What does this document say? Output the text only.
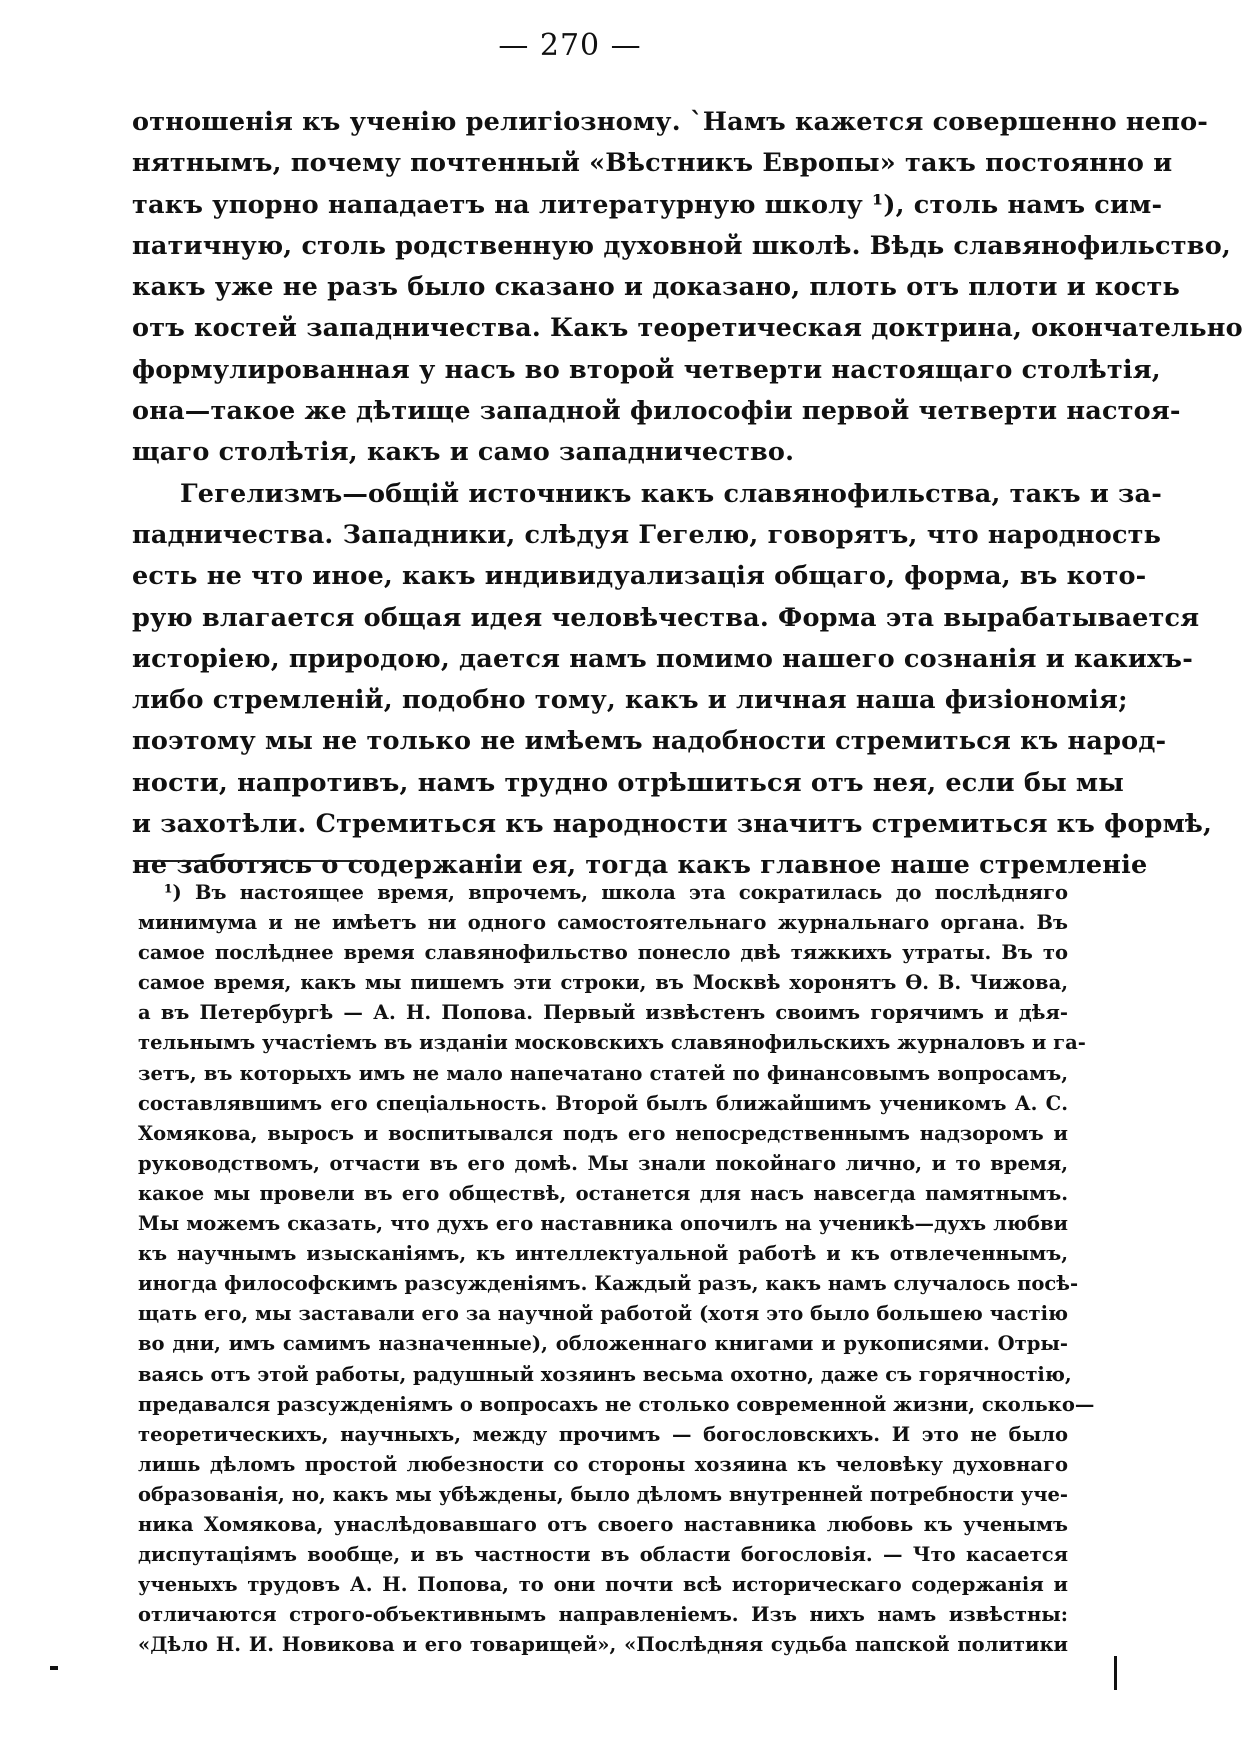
— 270 —
отношенія къ ученію религіозному. `Намъ кажется совершенно непо-
нятнымъ, почему почтенный «Вѣстникъ Европы» такъ постоянно и
такъ упорно нападаетъ на литературную школу ¹), столь намъ сим-
патичную, столь родственную духовной школѣ. Вѣдь славянофильство,
какъ уже не разъ было сказано и доказано, плоть отъ плоти и кость
отъ костей западничества. Какъ теоретическая доктрина, окончательно
формулированная у насъ во второй четверти настоящаго столѣтія,
она—такое же дѣтище западной философіи первой четверти настоя-
щаго столѣтія, какъ и само западничество.
Гегелизмъ—общій источникъ какъ славянофильства, такъ и за-
падничества. Западники, слѣдуя Гегелю, говорятъ, что народность
есть не что иное, какъ индивидуализація общаго, форма, въ кото-
рую влагается общая идея человѣчества. Форма эта вырабатывается
исторіею, природою, дается намъ помимо нашего сознанія и какихъ-
либо стремленій, подобно тому, какъ и личная наша физіономія;
поэтому мы не только не имѣемъ надобности стремиться къ народ-
ности, напротивъ, намъ трудно отрѣшиться отъ нея, если бы мы
и захотѣли. Стремиться къ народности значитъ стремиться къ формѣ,
не заботясь о содержаніи ея, тогда какъ главное наше стремленіе
¹) Въ настоящее время, впрочемъ, школа эта сократилась до послѣдняго
минимума и не имѣетъ ни одного самостоятельнаго журнальнаго органа. Въ
самое послѣднее время славянофильство понесло двѣ тяжкихъ утраты. Въ то
самое время, какъ мы пишемъ эти строки, въ Москвѣ хоронятъ Ѳ. В. Чижова,
а въ Петербургѣ — А. Н. Попова. Первый извѣстенъ своимъ горячимъ и дѣя-
тельнымъ участіемъ въ изданіи московскихъ славянофильскихъ журналовъ и га-
зетъ, въ которыхъ имъ не мало напечатано статей по финансовымъ вопросамъ,
составлявшимъ его спеціальность. Второй былъ ближайшимъ ученикомъ А. С.
Хомякова, выросъ и воспитывался подъ его непосредственнымъ надзоромъ и
руководствомъ, отчасти въ его домѣ. Мы знали покойнаго лично, и то время,
какое мы провели въ его обществѣ, останется для насъ навсегда памятнымъ.
Мы можемъ сказать, что духъ его наставника опочилъ на ученикѣ—духъ любви
къ научнымъ изысканіямъ, къ интеллектуальной работѣ и къ отвлеченнымъ,
иногда философскимъ разсужденіямъ. Каждый разъ, какъ намъ случалось посѣ-
щать его, мы заставали его за научной работой (хотя это было большею частію
во дни, имъ самимъ назначенные), обложеннаго книгами и рукописями. Отры-
ваясь отъ этой работы, радушный хозяинъ весьма охотно, даже съ горячностію,
предавался разсужденіямъ о вопросахъ не столько современной жизни, сколько—
теоретическихъ, научныхъ, между прочимъ — богословскихъ. И это не было
лишь дѣломъ простой любезности со стороны хозяина къ человѣку духовнаго
образованія, но, какъ мы убѣждены, было дѣломъ внутренней потребности уче-
ника Хомякова, унаслѣдовавшаго отъ своего наставника любовь къ ученымъ
диспутаціямъ вообще, и въ частности въ области богословія. — Что касается
ученыхъ трудовъ А. Н. Попова, то они почти всѣ историческаго содержанія и
отличаются строго-объективнымъ направленіемъ. Изъ нихъ намъ извѣстны:
«Дѣло Н. И. Новикова и его товарищей», «Послѣдняя судьба папской политики
